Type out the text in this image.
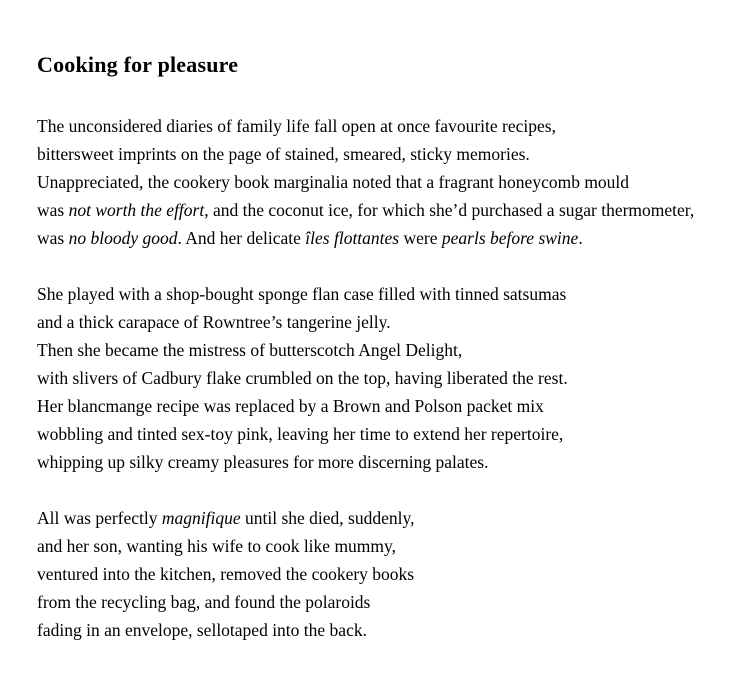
Cooking for pleasure
The unconsidered diaries of family life fall open at once favourite recipes,
bittersweet imprints on the page of stained, smeared, sticky memories.
Unappreciated, the cookery book marginalia noted that a fragrant honeycomb mould
was not worth the effort, and the coconut ice, for which she’d purchased a sugar thermometer,
was no bloody good. And her delicate îles flottantes were pearls before swine.
She played with a shop-bought sponge flan case filled with tinned satsumas
and a thick carapace of Rowntree’s tangerine jelly.
Then she became the mistress of butterscotch Angel Delight,
with slivers of Cadbury flake crumbled on the top, having liberated the rest.
Her blancmange recipe was replaced by a Brown and Polson packet mix
wobbling and tinted sex-toy pink, leaving her time to extend her repertoire,
whipping up silky creamy pleasures for more discerning palates.
All was perfectly magnifique until she died, suddenly,
and her son, wanting his wife to cook like mummy,
ventured into the kitchen, removed the cookery books
from the recycling bag, and found the polaroids
fading in an envelope, sellotaped into the back.
